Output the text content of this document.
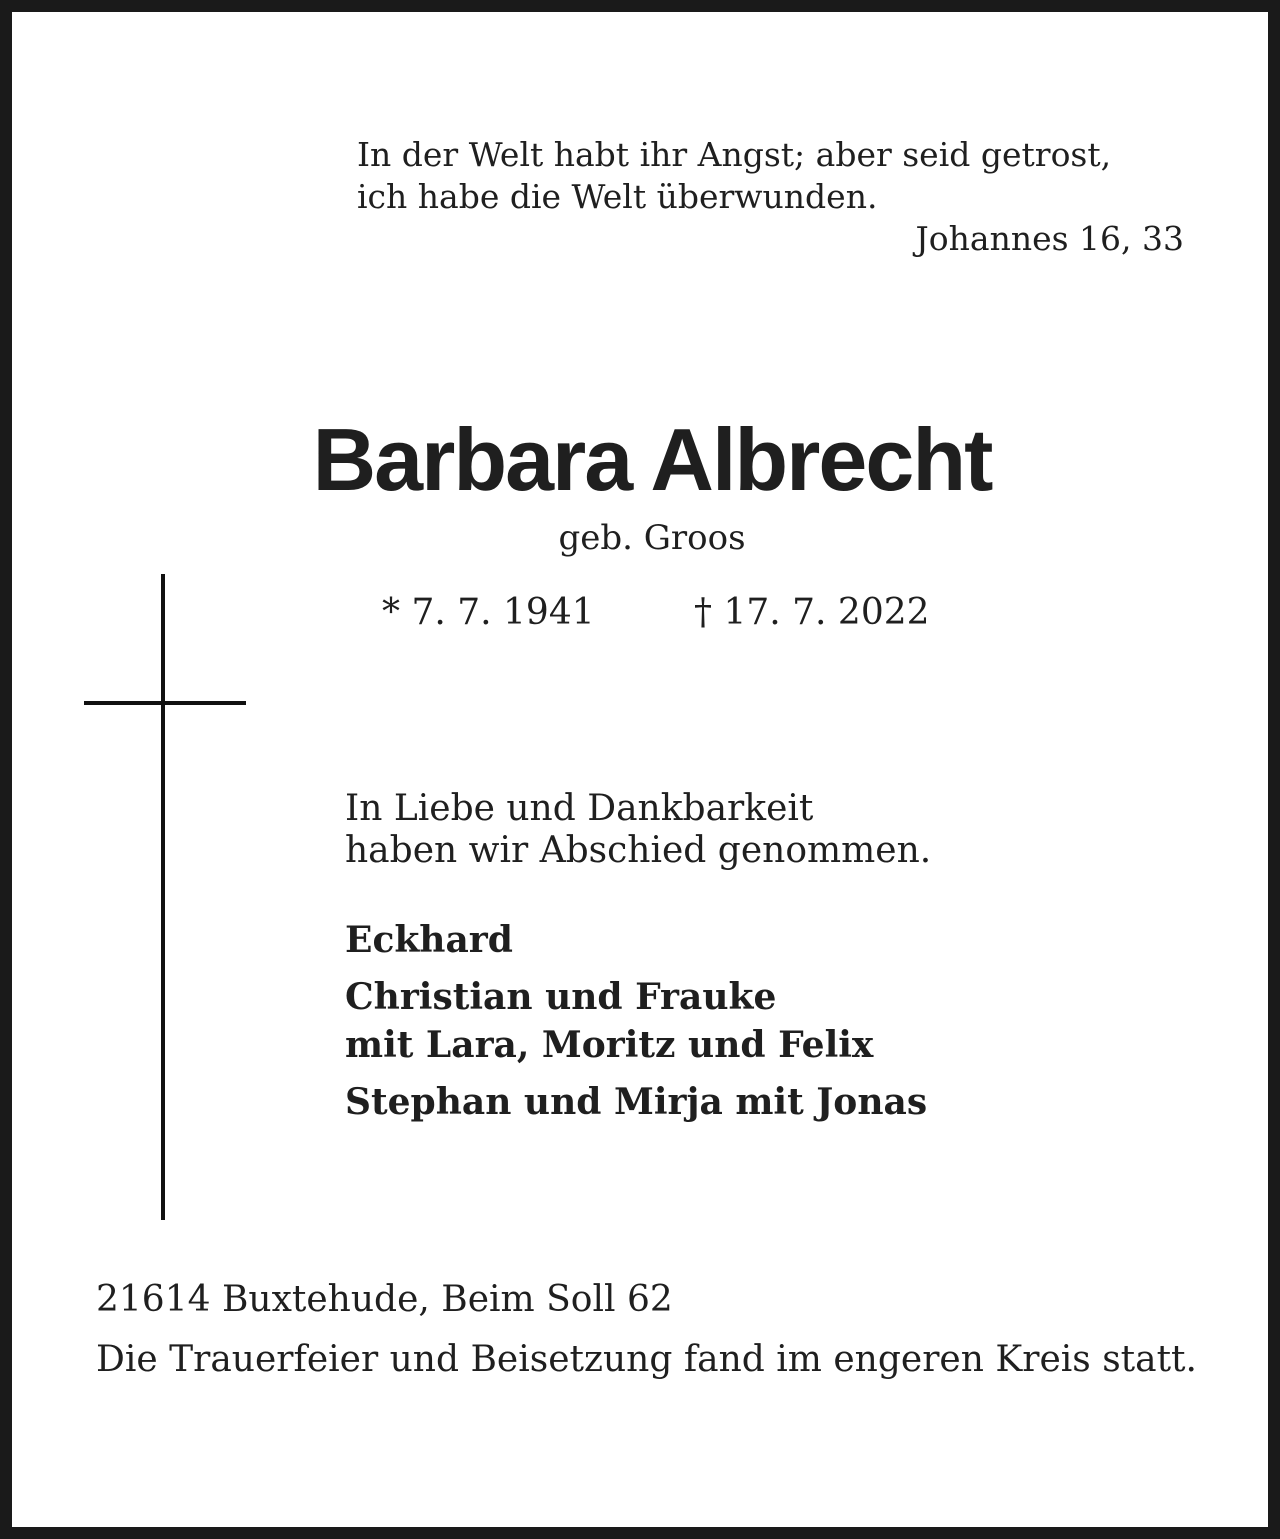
In der Welt habt ihr Angst; aber seid getrost,
ich habe die Welt überwunden.
Johannes 16, 33
Barbara Albrecht
geb. Groos
* 7. 7. 1941	† 17. 7. 2022
In Liebe und Dankbarkeit
haben wir Abschied genommen.
Eckhard
Christian und Frauke
mit Lara, Moritz und Felix
Stephan und Mirja mit Jonas
21614 Buxtehude, Beim Soll 62
Die Trauerfeier und Beisetzung fand im engeren Kreis statt.
